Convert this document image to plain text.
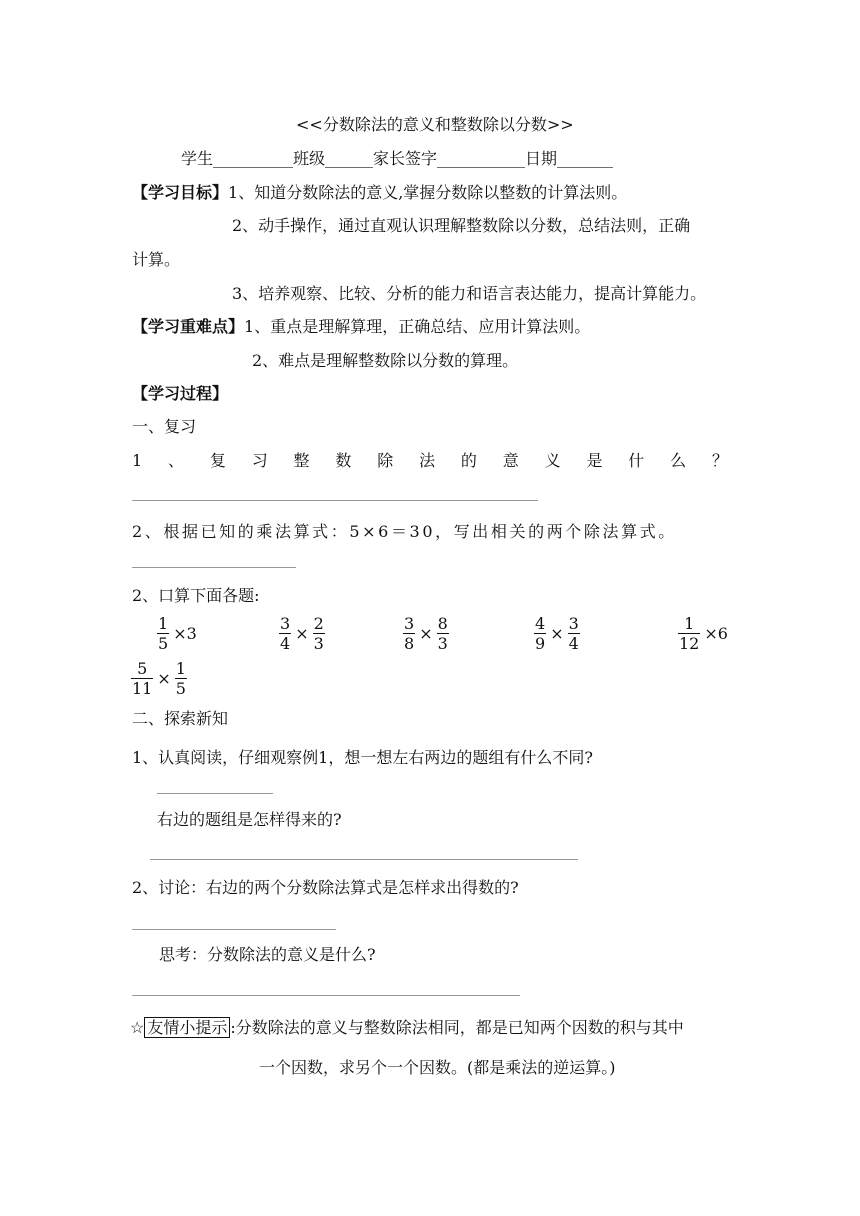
<<分数除法的意义和整数除以分数>>
学生__________班级______家长签字___________日期_______
【学习目标】1、知道分数除法的意义,掌握分数除以整数的计算法则。
2、动手操作，通过直观认识理解整数除以分数，总结法则，正确
计算。
3、培养观察、比较、分析的能力和语言表达能力，提高计算能力。
【学习重难点】1、重点是理解算理，正确总结、应用计算法则。
2、难点是理解整数除以分数的算理。
【学习过程】
一、复习
1 、 复 习 整 数 除 法 的 意 义 是 什 么 ？
2、根据已知的乘法算式：5×6＝30，写出相关的两个除法算式。
2、口算下面各题:
$\frac{1}{5} \times 3$	$\frac{3}{4} \times \frac{2}{3}$	$\frac{3}{8} \times \frac{8}{3}$	$\frac{4}{9} \times \frac{3}{4}$	$\frac{1}{12} \times 6$
$\frac{5}{11} \times \frac{1}{5}$
二、探索新知
1、认真阅读，仔细观察例1，想一想左右两边的题组有什么不同?
右边的题组是怎样得来的?
2、讨论：右边的两个分数除法算式是怎样求出得数的?
思考：分数除法的意义是什么?
☆ 友情小提示 :分数除法的意义与整数除法相同，都是已知两个因数的积与其中
一个因数，求另个一个因数。(都是乘法的逆运算。)
